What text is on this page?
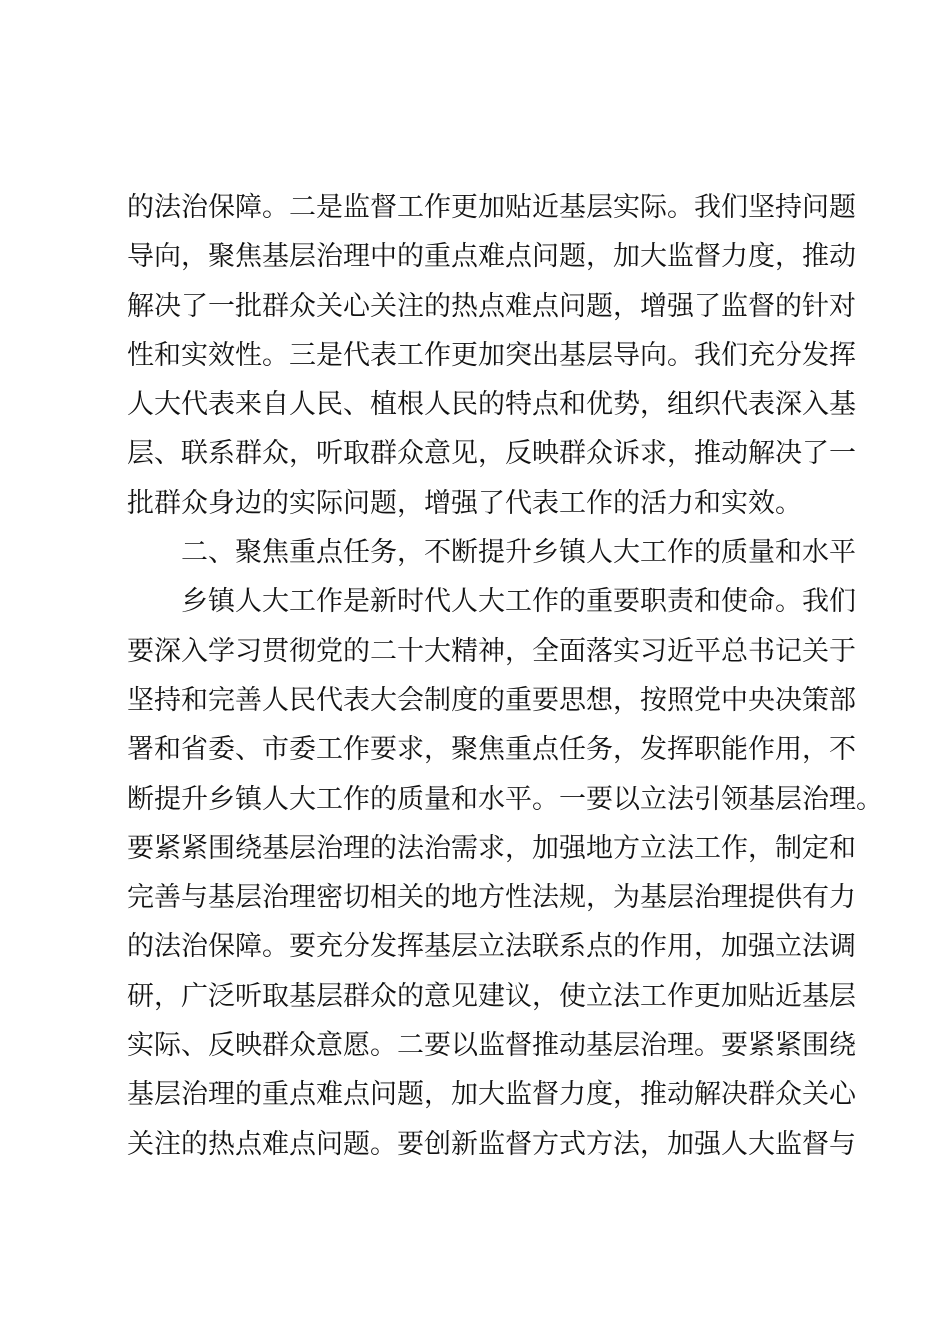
的法治保障。二是监督工作更加贴近基层实际。我们坚持问题
导向，聚焦基层治理中的重点难点问题，加大监督力度，推动
解决了一批群众关心关注的热点难点问题，增强了监督的针对
性和实效性。三是代表工作更加突出基层导向。我们充分发挥
人大代表来自人民、植根人民的特点和优势，组织代表深入基
层、联系群众，听取群众意见，反映群众诉求，推动解决了一
批群众身边的实际问题，增强了代表工作的活力和实效。
二、聚焦重点任务，不断提升乡镇人大工作的质量和水平
乡镇人大工作是新时代人大工作的重要职责和使命。我们
要深入学习贯彻党的二十大精神，全面落实习近平总书记关于
坚持和完善人民代表大会制度的重要思想，按照党中央决策部
署和省委、市委工作要求，聚焦重点任务，发挥职能作用，不
断提升乡镇人大工作的质量和水平。一要以立法引领基层治理。
要紧紧围绕基层治理的法治需求，加强地方立法工作，制定和
完善与基层治理密切相关的地方性法规，为基层治理提供有力
的法治保障。要充分发挥基层立法联系点的作用，加强立法调
研，广泛听取基层群众的意见建议，使立法工作更加贴近基层
实际、反映群众意愿。二要以监督推动基层治理。要紧紧围绕
基层治理的重点难点问题，加大监督力度，推动解决群众关心
关注的热点难点问题。要创新监督方式方法，加强人大监督与
